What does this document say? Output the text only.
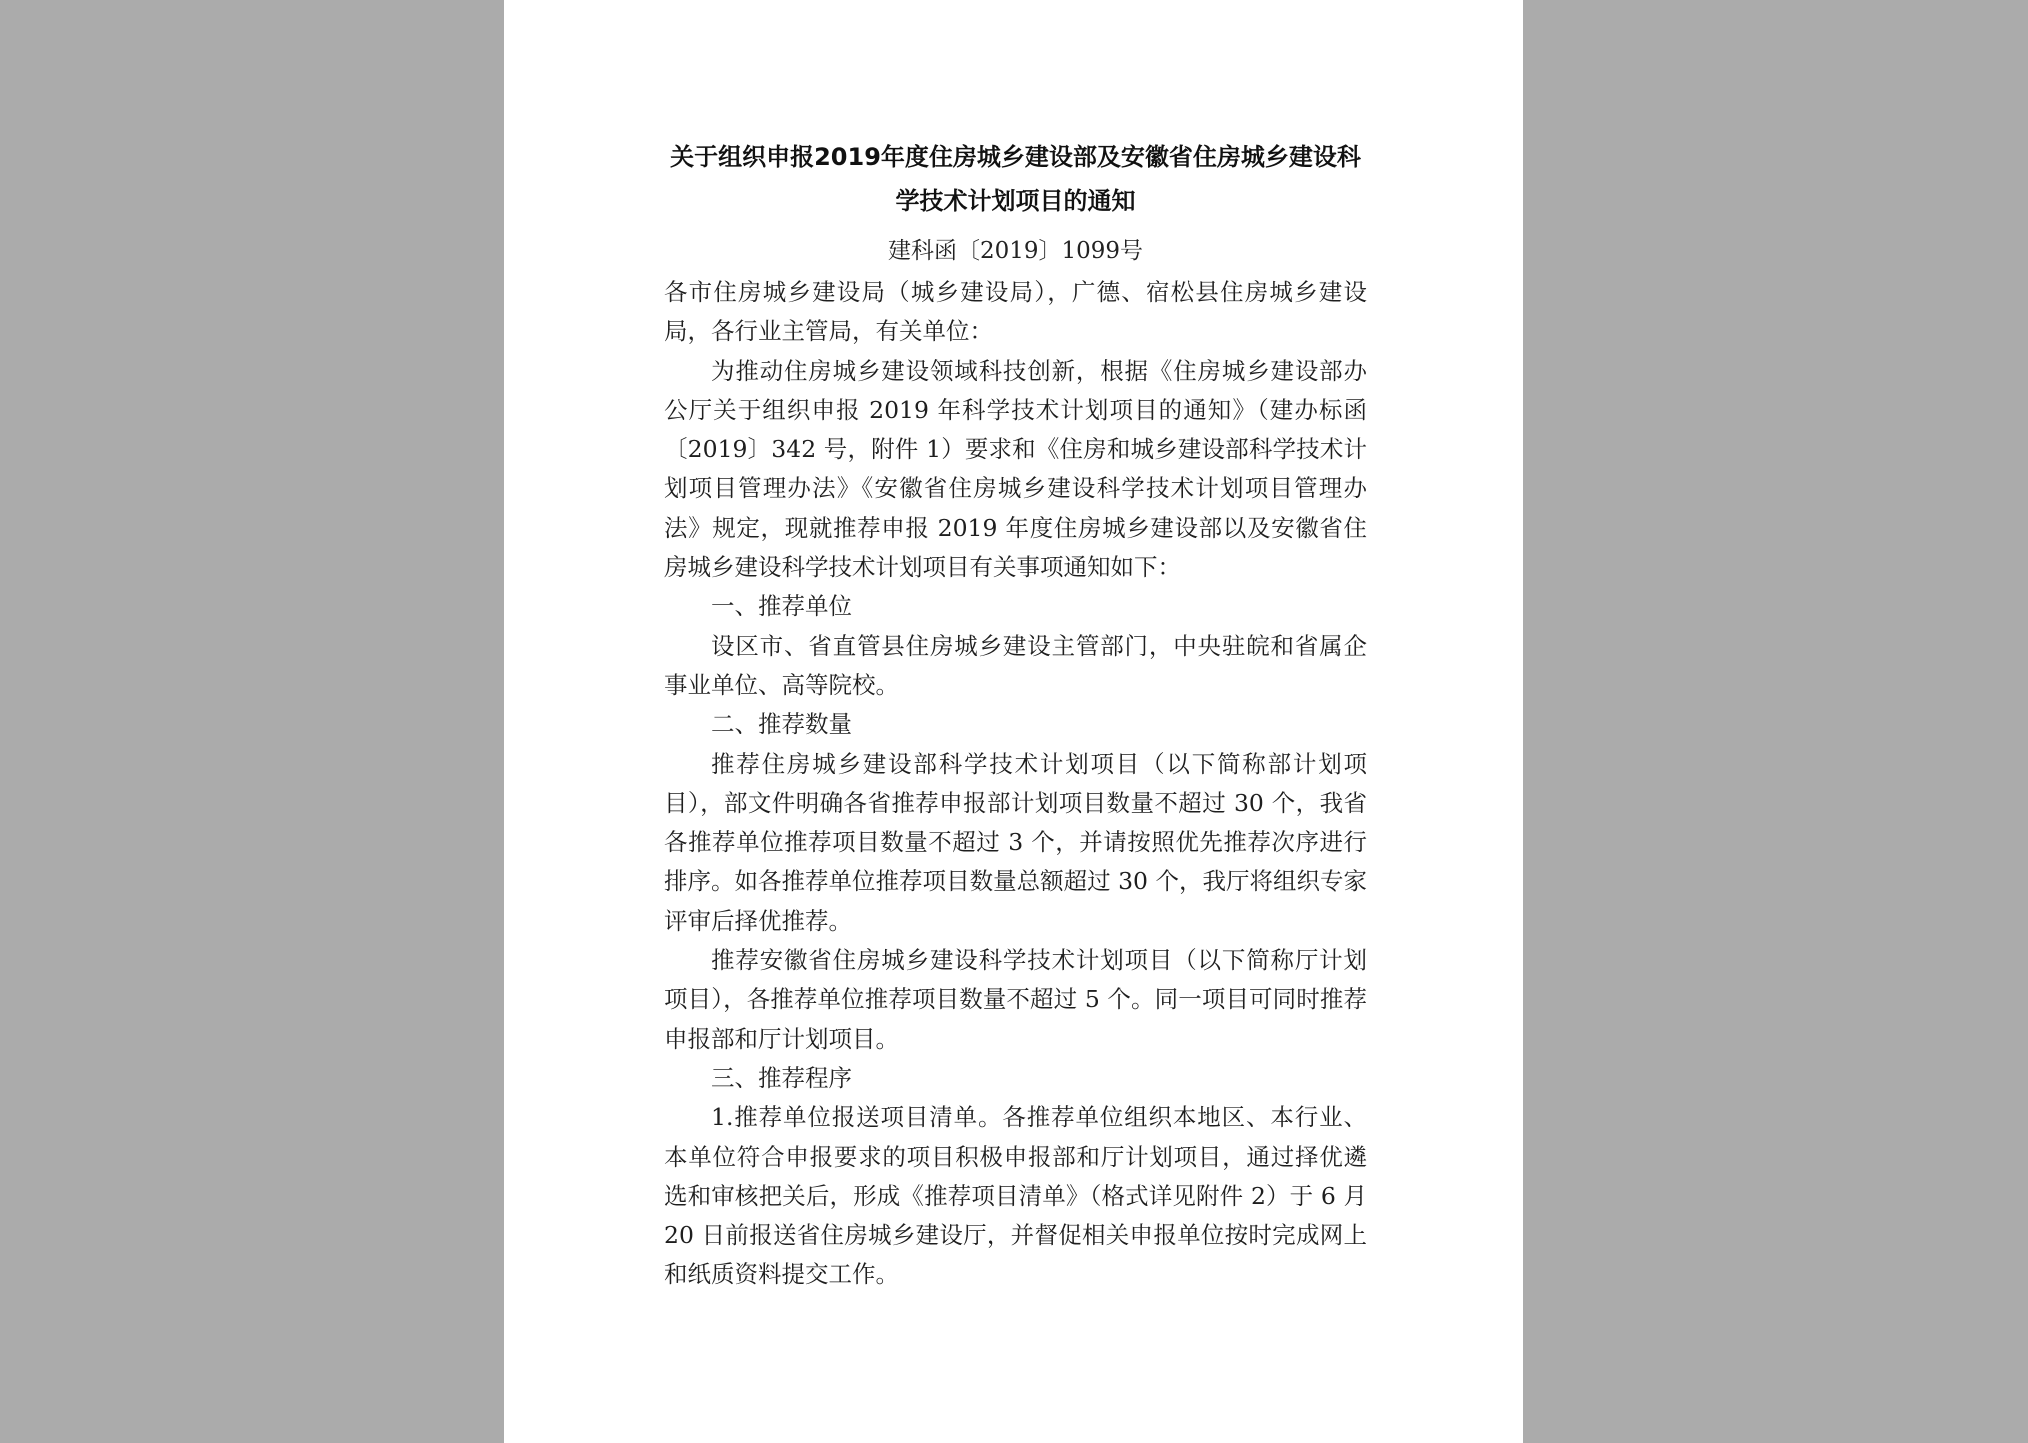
关于组织申报2019年度住房城乡建设部及安徽省住房城乡建设科

学技术计划项目的通知

建科函〔2019〕1099号

各市住房城乡建设局（城乡建设局），广德、宿松县住房城乡建设局，各行业主管局，有关单位：

为推动住房城乡建设领域科技创新，根据《住房城乡建设部办公厅关于组织申报 2019 年科学技术计划项目的通知》（建办标函〔2019〕342 号，附件 1）要求和《住房和城乡建设部科学技术计划项目管理办法》《安徽省住房城乡建设科学技术计划项目管理办法》规定，现就推荐申报 2019 年度住房城乡建设部以及安徽省住房城乡建设科学技术计划项目有关事项通知如下：

一、推荐单位

设区市、省直管县住房城乡建设主管部门，中央驻皖和省属企事业单位、高等院校。

二、推荐数量

推荐住房城乡建设部科学技术计划项目（以下简称部计划项目），部文件明确各省推荐申报部计划项目数量不超过 30 个，我省各推荐单位推荐项目数量不超过 3 个，并请按照优先推荐次序进行排序。如各推荐单位推荐项目数量总额超过 30 个，我厅将组织专家评审后择优推荐。

推荐安徽省住房城乡建设科学技术计划项目（以下简称厅计划项目），各推荐单位推荐项目数量不超过 5 个。同一项目可同时推荐申报部和厅计划项目。

三、推荐程序

1.推荐单位报送项目清单。各推荐单位组织本地区、本行业、本单位符合申报要求的项目积极申报部和厅计划项目，通过择优遴选和审核把关后，形成《推荐项目清单》（格式详见附件 2）于 6 月 20 日前报送省住房城乡建设厅，并督促相关申报单位按时完成网上和纸质资料提交工作。
